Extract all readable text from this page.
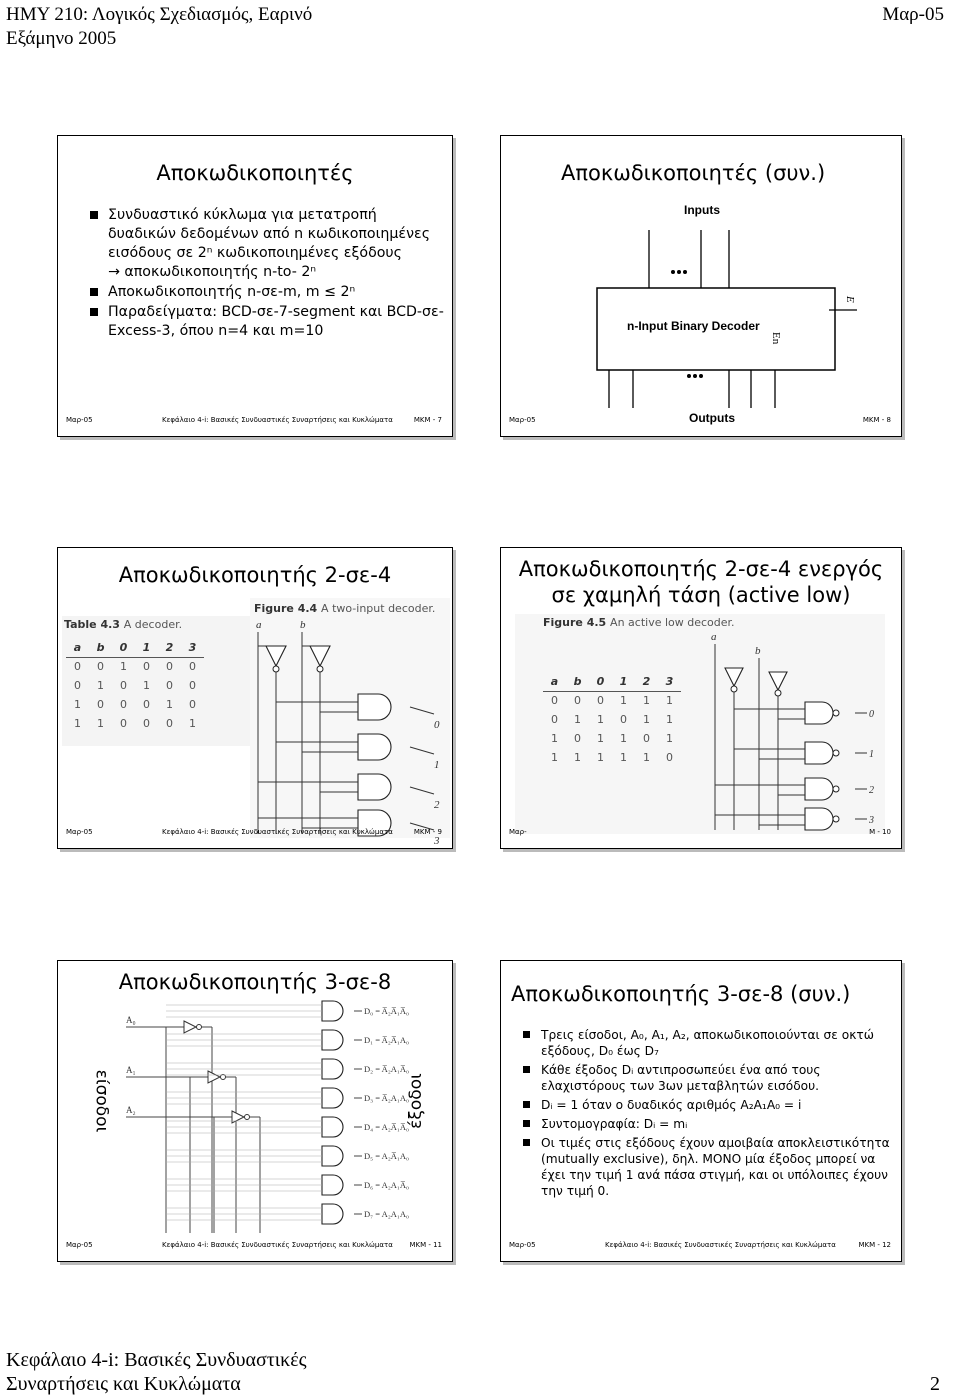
ΗΜΥ 210: Λογικός Σχεδιασμός, Εαρινό
Εξάμηνο 2005
Μαρ-05
Αποκωδικοποιητές
Συνδυαστικό κύκλωμα για μετατροπή δυαδικών δεδομένων από n κωδικοποιημένες εισόδους σε 2ⁿ κωδικοποιημένες εξόδους
→ αποκωδικοποιητής n-to- 2ⁿ
Αποκωδικοποιητής n-σε-m, m ≤ 2ⁿ
Παραδείγματα: BCD-σε-7-segment και BCD-σε-Excess-3, όπου n=4 και m=10
Μαρ-05	Κεφάλαιο 4-i: Βασικές Συνδυαστικές Συναρτήσεις και Κυκλώματα	MKM - 7
Αποκωδικοποιητές (συν.)
Inputs
n-Input Binary Decoder
En
E
Outputs
Μαρ-05	MKM - 8
Αποκωδικοποιητής 2-σε-4
Table 4.3 A decoder.
a	b	0	1	2	3
0	0	1	0	0	0
0	1	0	1	0	0
1	0	0	0	1	0
1	1	0	0	0	1
Figure 4.4 A two-input decoder.
a	b
0
1
2
3
Μαρ-05	Κεφάλαιο 4-i: Βασικές Συνδυαστικές Συναρτήσεις και Κυκλώματα	MKM - 9
Αποκωδικοποιητής 2-σε-4 ενεργός
σε χαμηλή τάση (active low)
Figure 4.5 An active low decoder.
a
b
0
1
2
3
a	b	0	1	2	3
0	0	0	1	1	1
0	1	1	0	1	1
1	0	1	1	0	1
1	1	1	1	1	0
Μαρ-	M - 10
Αποκωδικοποιητής 3-σε-8
είσοδοι	έξοδοι
A₀
A₁
A₂
D₀ = A̅₂A̅₁A̅₀
D₁ = A̅₂A̅₁A₀
D₂ = A̅₂A₁A̅₀
D₃ = A̅₂A₁A₀
D₄ = A₂A̅₁A̅₀
D₅ = A₂A̅₁A₀
D₆ = A₂A₁A̅₀
D₇ = A₂A₁A₀
Μαρ-05	Κεφάλαιο 4-i: Βασικές Συνδυαστικές Συναρτήσεις και Κυκλώματα MKM - 11
Αποκωδικοποιητής 3-σε-8 (συν.)
Τρεις είσοδοι, A₀, A₁, A₂, αποκωδικοποιούνται σε οκτώ εξόδους, D₀ έως D₇
Κάθε έξοδος Dᵢ αντιπροσωπεύει ένα από τους ελαχιστόρους των 3ων μεταβλητών εισόδου.
Dᵢ = 1 όταν ο δυαδικός αριθμός A₂A₁A₀ = i
Συντομογραφία: Dᵢ = mᵢ
Οι τιμές στις εξόδους έχουν αμοιβαία αποκλειστικότητα (mutually exclusive), δηλ. ΜΟΝΟ μία έξοδος μπορεί να έχει την τιμή 1 ανά πάσα στιγμή, και οι υπόλοιπες έχουν την τιμή 0.
Μαρ-05	Κεφάλαιο 4-i: Βασικές Συνδυαστικές Συναρτήσεις και Κυκλώματα	MKM - 12
Κεφάλαιο 4-i: Βασικές Συνδυαστικές
Συναρτήσεις και Κυκλώματα	2
